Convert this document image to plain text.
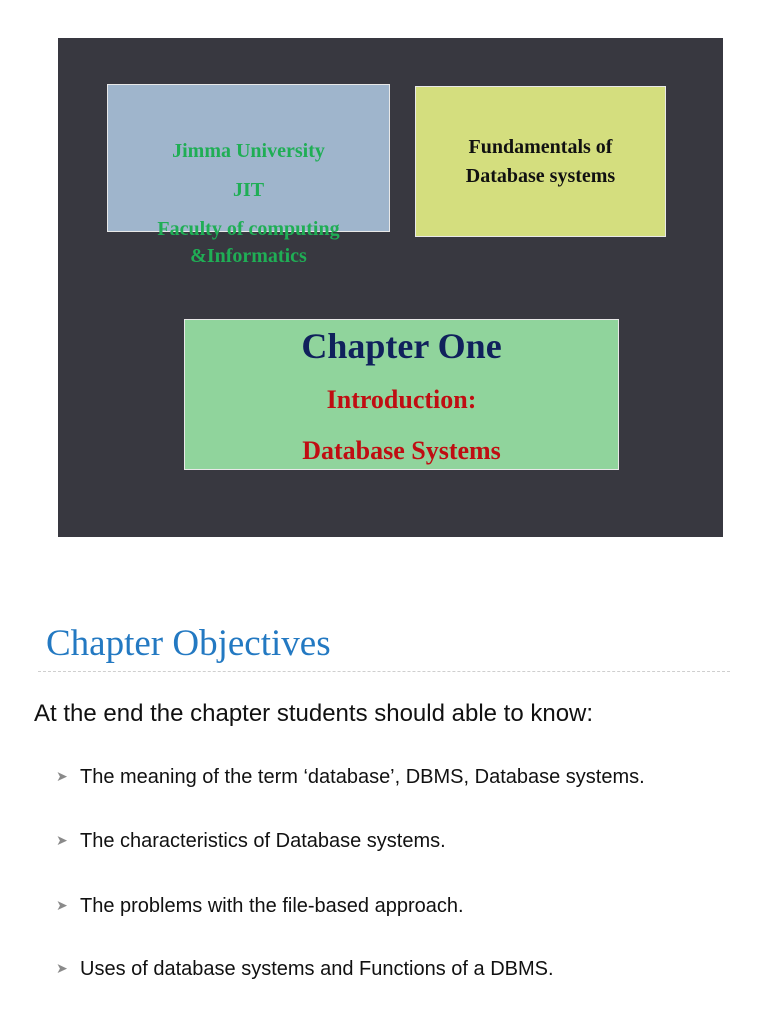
Jimma University
JIT
Faculty of computing
&Informatics
Fundamentals of
Database systems
Chapter One
Introduction:
Database Systems
Chapter Objectives
At the end the chapter students should able to know:
➤ The meaning of the term ‘database’, DBMS, Database systems.
➤ The characteristics of Database systems.
➤ The problems with the file-based approach.
➤ Uses of database systems and Functions of a DBMS.
